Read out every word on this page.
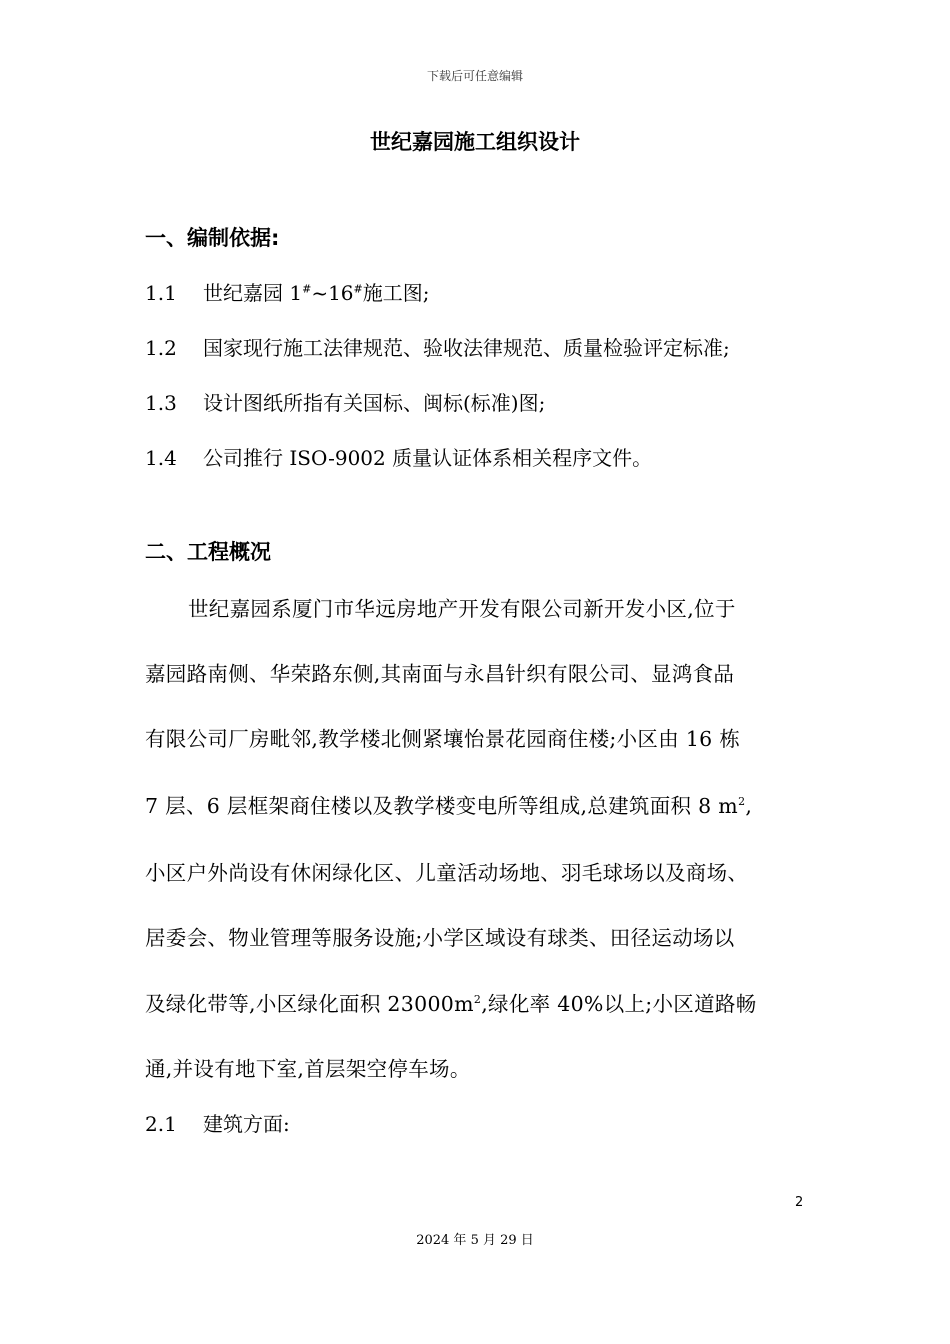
下载后可任意编辑
世纪嘉园施工组织设计
一、编制依据:
1.1 世纪嘉园 1#~16#施工图;
1.2 国家现行施工法律规范、验收法律规范、质量检验评定标准;
1.3 设计图纸所指有关国标、闽标(标准)图;
1.4 公司推行 ISO-9002 质量认证体系相关程序文件。
二、工程概况
世纪嘉园系厦门市华远房地产开发有限公司新开发小区,位于
嘉园路南侧、华荣路东侧,其南面与永昌针织有限公司、显鸿食品
有限公司厂房毗邻,教学楼北侧紧壤怡景花园商住楼;小区由 16 栋
7 层、6 层框架商住楼以及教学楼变电所等组成,总建筑面积 8 $m^2$,
小区户外尚设有休闲绿化区、儿童活动场地、羽毛球场以及商场、
居委会、物业管理等服务设施;小学区域设有球类、田径运动场以
及绿化带等,小区绿化面积 $23000m^2$,绿化率 40%以上;小区道路畅
通,并设有地下室,首层架空停车场。
2.1 建筑方面:
2
2024 年 5 月 29 日
